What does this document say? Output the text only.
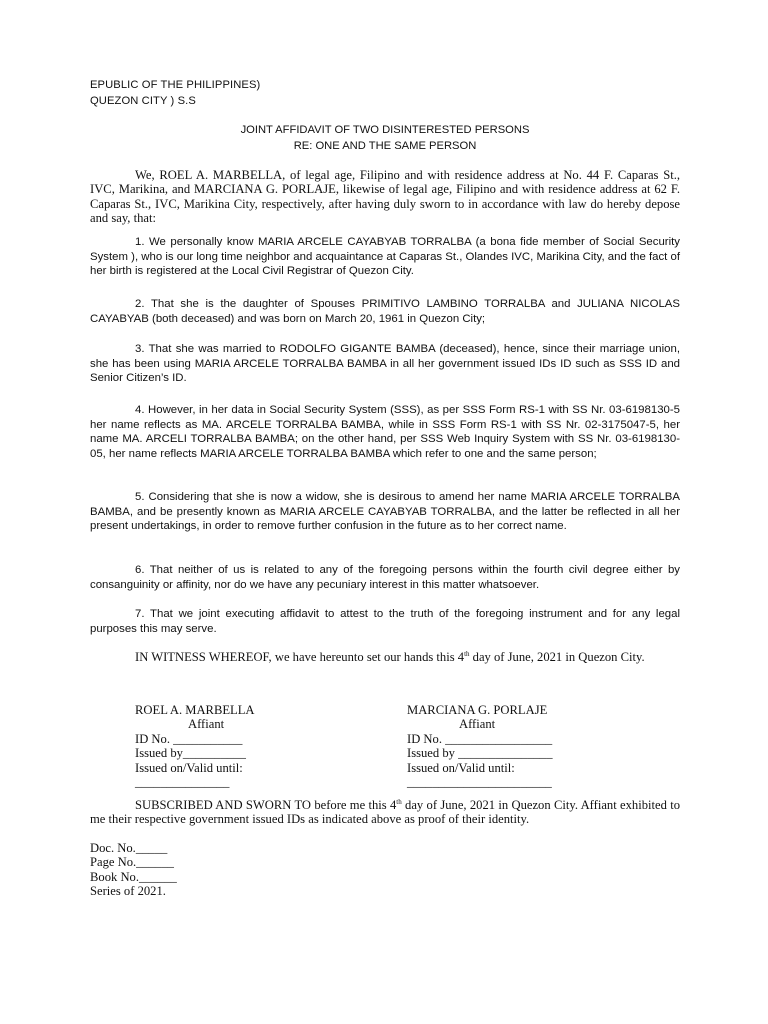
EPUBLIC OF THE PHILIPPINES)
QUEZON CITY ) S.S
JOINT AFFIDAVIT OF TWO DISINTERESTED PERSONS
RE: ONE AND THE SAME PERSON

We, ROEL A. MARBELLA, of legal age, Filipino and with residence address at No. 44 F. Caparas St., IVC, Marikina, and MARCIANA G. PORLAJE, likewise of legal age, Filipino and with residence address at 62 F. Caparas St., IVC, Marikina City, respectively, after having duly sworn to in accordance with law do hereby depose and say, that:

1. We personally know MARIA ARCELE CAYABYAB TORRALBA (a bona fide member of Social Security System ), who is our long time neighbor and acquaintance at Caparas St., Olandes IVC, Marikina City, and the fact of her birth is registered at the Local Civil Registrar of Quezon City.

2. That she is the daughter of Spouses PRIMITIVO LAMBINO TORRALBA and JULIANA NICOLAS CAYABYAB (both deceased) and was born on March 20, 1961 in Quezon City;

3. That she was married to RODOLFO GIGANTE BAMBA (deceased), hence, since their marriage union, she has been using MARIA ARCELE TORRALBA BAMBA in all her government issued IDs ID such as SSS ID and Senior Citizen’s ID.

4. However, in her data in Social Security System (SSS), as per SSS Form RS-1 with SS Nr. 03-6198130-5 her name reflects as MA. ARCELE TORRALBA BAMBA, while in SSS Form RS-1 with SS Nr. 02-3175047-5, her name MA. ARCELI TORRALBA BAMBA; on the other hand, per SSS Web Inquiry System with SS Nr. 03-6198130-05, her name reflects MARIA ARCELE TORRALBA BAMBA which refer to one and the same person;

5. Considering that she is now a widow, she is desirous to amend her name MARIA ARCELE TORRALBA BAMBA, and be presently known as MARIA ARCELE CAYABYAB TORRALBA, and the latter be reflected in all her present undertakings, in order to remove further confusion in the future as to her correct name.

6. That neither of us is related to any of the foregoing persons within the fourth civil degree either by consanguinity or affinity, nor do we have any pecuniary interest in this matter whatsoever.

7. That we joint executing affidavit to attest to the truth of the foregoing instrument and for any legal purposes this may serve.

IN WITNESS WHEREOF, we have hereunto set our hands this 4th day of June, 2021 in Quezon City.

ROEL A. MARBELLA
Affiant
ID No. ___________
Issued by__________
Issued on/Valid until:
_______________
MARCIANA G. PORLAJE
Affiant
ID No. _________________
Issued by _______________
Issued on/Valid until:
_______________________

SUBSCRIBED AND SWORN TO before me this 4th day of June, 2021 in Quezon City. Affiant exhibited to me their respective government issued IDs as indicated above as proof of their identity.

Doc. No._____
Page No.______
Book No.______
Series of 2021.
